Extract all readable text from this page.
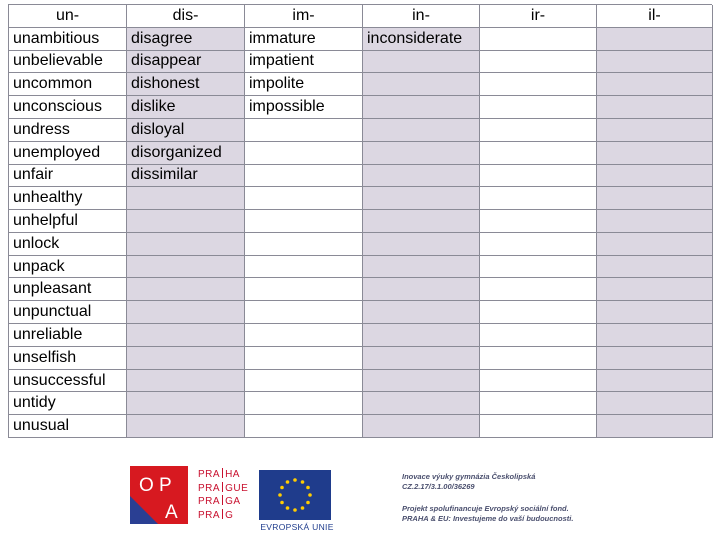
un-	dis-	im-	in-	ir-	il-
unambitious	disagree	immature	inconsiderate
unbelievable	disappear	impatient
uncommon	dishonest	impolite
unconscious	dislike	impossible
undress	disloyal
unemployed	disorganized
unfair	dissimilar
unhealthy
unhelpful
unlock
unpack
unpleasant
unpunctual
unreliable
unselfish
unsuccessful
untidy
unusual
O P
A
PRA HA
PRA GUE
PRA GA
PRA G
EVROPSKÁ UNIE
Inovace výuky gymnázia Českolipská
CZ.2.17/3.1.00/36269
Projekt spolufinancuje Evropský sociální fond.
PRAHA & EU: Investujeme do vaší budoucnosti.
